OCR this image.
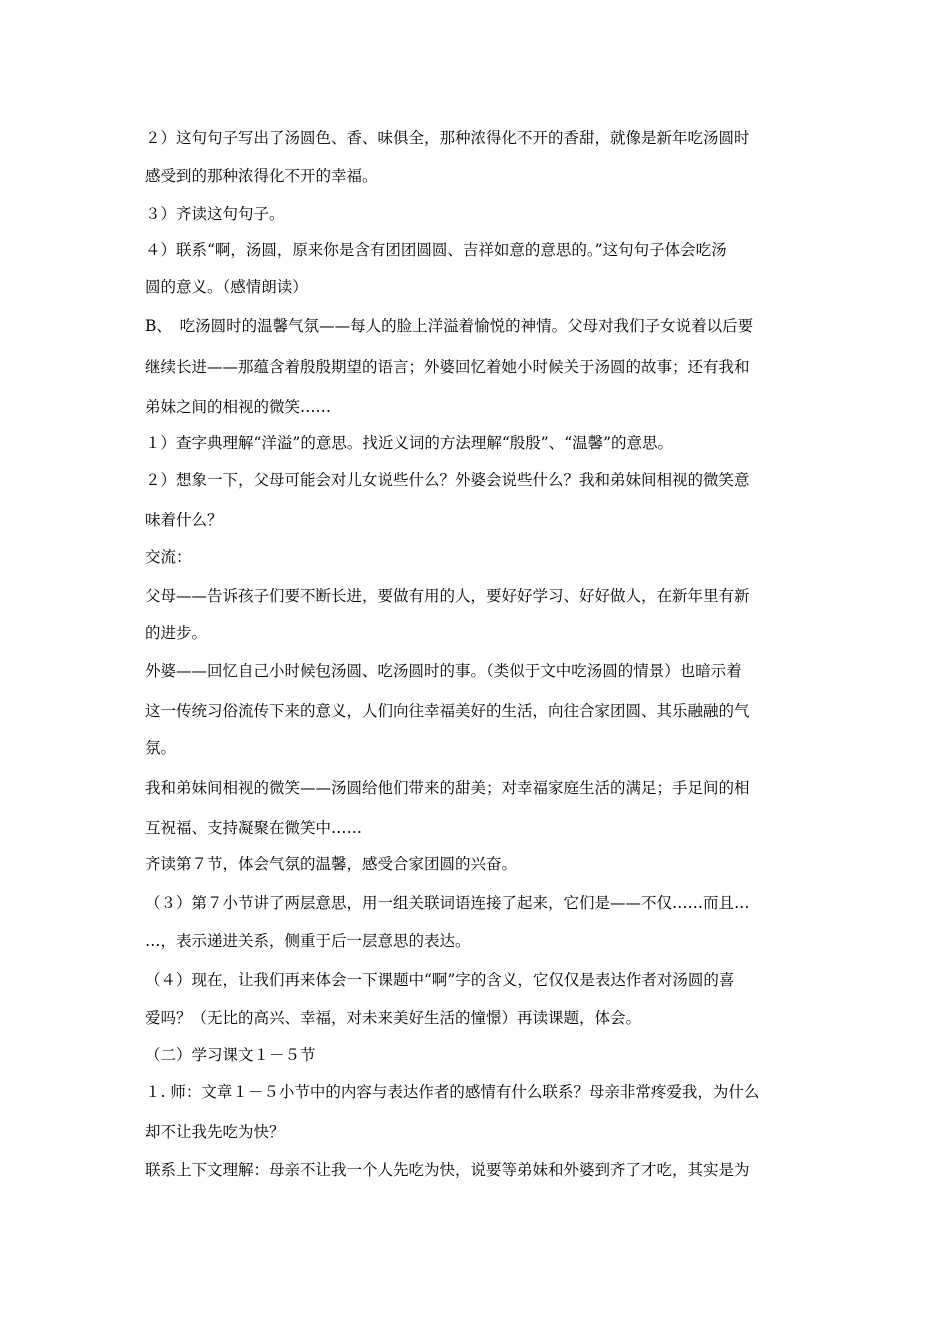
２）这句句子写出了汤圆色、香、味俱全，那种浓得化不开的香甜，就像是新年吃汤圆时
感受到的那种浓得化不开的幸福。
３）齐读这句句子。
４）联系“啊，汤圆，原来你是含有团团圆圆、吉祥如意的意思的。”这句句子体会吃汤
圆的意义。（感情朗读）
B、　吃汤圆时的温馨气氛——每人的脸上洋溢着愉悦的神情。父母对我们子女说着以后要
继续长进——那蕴含着殷殷期望的语言；外婆回忆着她小时候关于汤圆的故事；还有我和
弟妹之间的相视的微笑……
１）查字典理解“洋溢”的意思。找近义词的方法理解“殷殷”、“温馨”的意思。
２）想象一下，父母可能会对儿女说些什么？外婆会说些什么？我和弟妹间相视的微笑意
味着什么？
交流：
父母——告诉孩子们要不断长进，要做有用的人，要好好学习、好好做人，在新年里有新
的进步。
外婆——回忆自己小时候包汤圆、吃汤圆时的事。（类似于文中吃汤圆的情景）也暗示着
这一传统习俗流传下来的意义，人们向往幸福美好的生活，向往合家团圆、其乐融融的气
氛。
我和弟妹间相视的微笑——汤圆给他们带来的甜美；对幸福家庭生活的满足；手足间的相
互祝福、支持凝聚在微笑中……
齐读第７节，体会气氛的温馨，感受合家团圆的兴奋。
（３）第７小节讲了两层意思，用一组关联词语连接了起来，它们是——不仅……而且…
…，表示递进关系，侧重于后一层意思的表达。
（４）现在，让我们再来体会一下课题中“啊”字的含义，它仅仅是表达作者对汤圆的喜
爱吗？（无比的高兴、幸福，对未来美好生活的憧憬）再读课题，体会。
（二）学习课文１－５节
１. 师：文章１－５小节中的内容与表达作者的感情有什么联系？母亲非常疼爱我，为什么
却不让我先吃为快？
联系上下文理解：母亲不让我一个人先吃为快，说要等弟妹和外婆到齐了才吃，其实是为
